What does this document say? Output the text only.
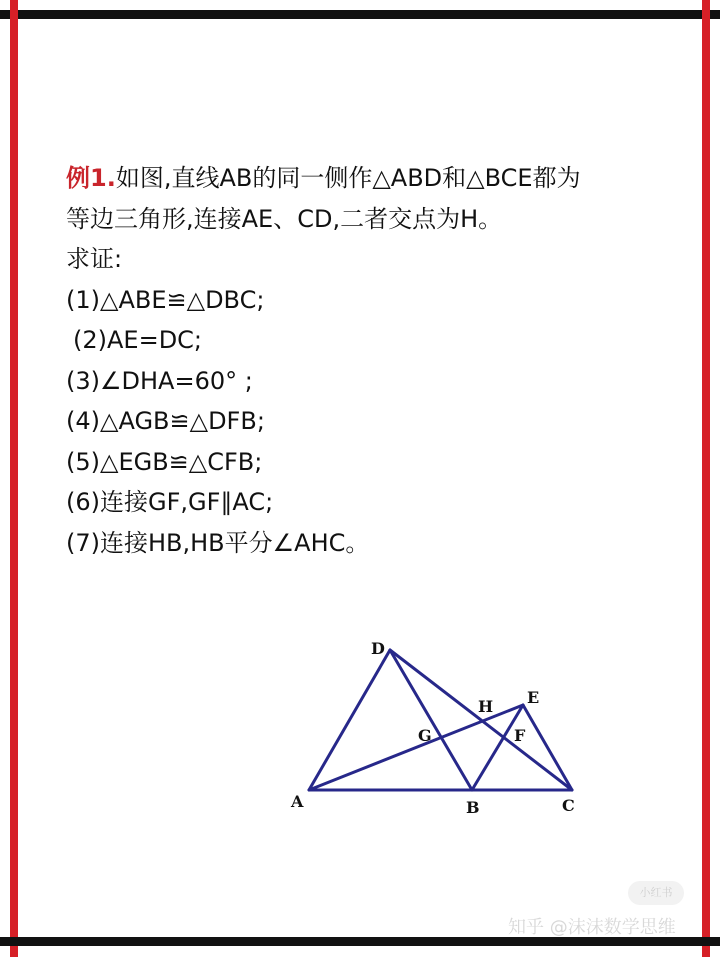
例1.如图,直线AB的同一侧作△ABD和△BCE都为
等边三角形,连接AE、CD,二者交点为H。
求证:
(1)△ABE≌△DBC;
(2)AE=DC;
(3)∠DHA=60° ;
(4)△AGB≌△DFB;
(5)△EGB≌△CFB;
(6)连接GF,GF∥AC;
(7)连接HB,HB平分∠AHC。
D
E
H
G	F
A	B	C
小红书
知乎 @沫沫数学思维
